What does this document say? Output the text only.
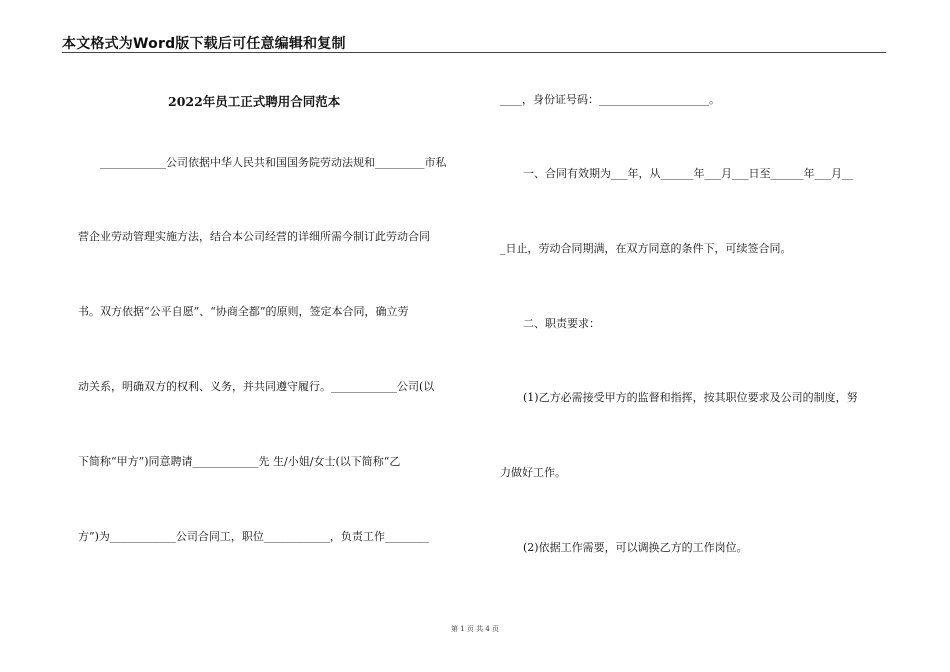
本文格式为Word版下载后可任意编辑和复制
2022年员工正式聘用合同范本
____________公司依据中华人民共和国国务院劳动法规和_________市私
营企业劳动管理实施方法，结合本公司经营的详细所需今制订此劳动合同
书。双方依据“公平自愿”、“协商全都”的原则，签定本合同，确立劳
动关系，明确双方的权利、义务，并共同遵守履行。____________公司(以
下简称“甲方”)同意聘请____________先 生/小姐/女士(以下简称“乙
方”)为____________公司合同工，职位____________，负责工作________
____，身份证号码：____________________。
一、合同有效期为___年，从______年___月___日至______年___月__
_日止，劳动合同期满，在双方同意的条件下，可续签合同。
二、职责要求：
(1)乙方必需接受甲方的监督和指挥，按其职位要求及公司的制度，努
力做好工作。
(2)依据工作需要，可以调换乙方的工作岗位。
第 1 页 共 4 页
